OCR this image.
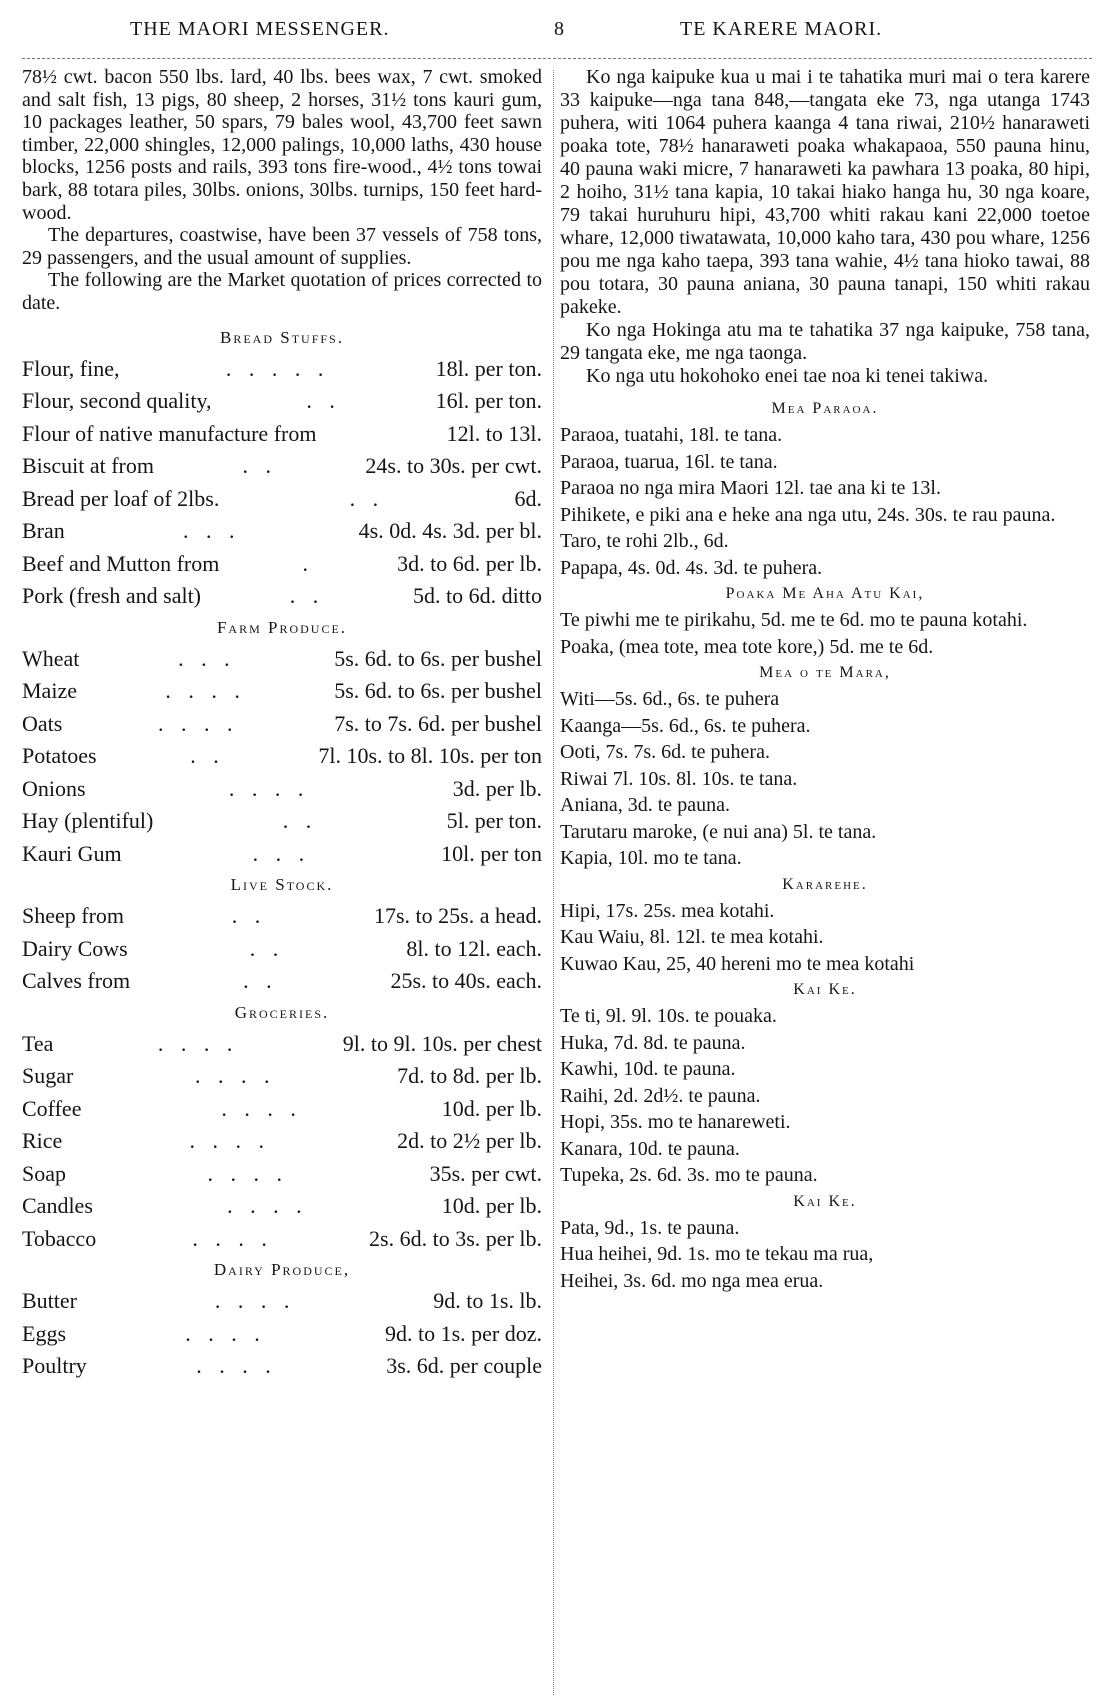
THE MAORI MESSENGER.	8	TE KARERE MAORI.

78½ cwt. bacon 550 lbs. lard, 40 lbs. bees wax, 7 cwt. smoked and salt fish, 13 pigs, 80 sheep, 2 horses, 31½ tons kauri gum, 10 packages leather, 50 spars, 79 bales wool, 43,700 feet sawn timber, 22,000 shingles, 12,000 palings, 10,000 laths, 430 house blocks, 1256 posts and rails, 393 tons fire-wood., 4½ tons towai bark, 88 totara piles, 30lbs. onions, 30lbs. turnips, 150 feet hard-wood.

The departures, coastwise, have been 37 vessels of 758 tons, 29 passengers, and the usual amount of supplies.

The following are the Market quotation of prices corrected to date.

Bread Stuffs.

Flour, fine,	. . . . .	18l. per ton.
Flour, second quality,	. .	16l. per ton.
Flour of native manufacture from	12l. to 13l.
Biscuit at from	. .	24s. to 30s. per cwt.
Bread per loaf of 2lbs.	. .	6d.
Bran	. . .	4s. 0d. 4s. 3d. per bl.
Beef and Mutton from	.	3d. to 6d. per lb.
Pork (fresh and salt)	. .	5d. to 6d. ditto

Farm Produce.

Wheat	. . .	5s. 6d. to 6s. per bushel
Maize	. . . .	5s. 6d. to 6s. per bushel
Oats	. . . .	7s. to 7s. 6d. per bushel
Potatoes	. .	7l. 10s. to 8l. 10s. per ton
Onions	. . . .	3d. per lb.
Hay (plentiful)	. .	5l. per ton.
Kauri Gum	. . .	10l. per ton

Live Stock.

Sheep from	. .	17s. to 25s. a head.
Dairy Cows	. .	8l. to 12l. each.
Calves from	. .	25s. to 40s. each.

Groceries.

Tea	. . . .	9l. to 9l. 10s. per chest
Sugar	. . . .	7d. to 8d. per lb.
Coffee	. . . .	10d. per lb.
Rice	. . . .	2d. to 2½ per lb.
Soap	. . . .	35s. per cwt.
Candles	. . . .	10d. per lb.
Tobacco	. . . .	2s. 6d. to 3s. per lb.

Dairy Produce,

Butter	. . . .	9d. to 1s. lb.
Eggs	. . . .	9d. to 1s. per doz.
Poultry	. . . .	3s. 6d. per couple

Ko nga kaipuke kua u mai i te tahatika muri mai o tera karere 33 kaipuke—nga tana 848,—tangata eke 73, nga utanga 1743 puhera, witi 1064 puhera kaanga 4 tana riwai, 210½ hanaraweti poaka tote, 78½ hanaraweti poaka whakapaoa, 550 pauna hinu, 40 pauna waki micre, 7 hanaraweti ka pawhara 13 poaka, 80 hipi, 2 hoiho, 31½ tana kapia, 10 takai hiako hanga hu, 30 nga koare, 79 takai huruhuru hipi, 43,700 whiti rakau kani 22,000 toetoe whare, 12,000 tiwatawata, 10,000 kaho tara, 430 pou whare, 1256 pou me nga kaho taepa, 393 tana wahie, 4½ tana hioko tawai, 88 pou totara, 30 pauna aniana, 30 pauna tanapi, 150 whiti rakau pakeke.

Ko nga Hokinga atu ma te tahatika 37 nga kaipuke, 758 tana, 29 tangata eke, me nga taonga.

Ko nga utu hokohoko enei tae noa ki tenei takiwa.

Mea Paraoa.

Paraoa, tuatahi, 18l. te tana.

Paraoa, tuarua, 16l. te tana.

Paraoa no nga mira Maori 12l. tae ana ki te 13l.

Pihikete, e piki ana e heke ana nga utu, 24s. 30s. te rau pauna.

Taro, te rohi 2lb., 6d.

Papapa, 4s. 0d. 4s. 3d. te puhera.

Poaka Me Aha Atu Kai,

Te piwhi me te pirikahu, 5d. me te 6d. mo te pauna kotahi.

Poaka, (mea tote, mea tote kore,) 5d. me te 6d.

Mea o te Mara,

Witi—5s. 6d., 6s. te puhera

Kaanga—5s. 6d., 6s. te puhera.

Ooti, 7s. 7s. 6d. te puhera.

Riwai 7l. 10s. 8l. 10s. te tana.

Aniana, 3d. te pauna.

Tarutaru maroke, (e nui ana) 5l. te tana.

Kapia, 10l. mo te tana.

Kararehe.

Hipi, 17s. 25s. mea kotahi.

Kau Waiu, 8l. 12l. te mea kotahi.

Kuwao Kau, 25, 40 hereni mo te mea kotahi

Kai Ke.

Te ti, 9l. 9l. 10s. te pouaka.

Huka, 7d. 8d. te pauna.

Kawhi, 10d. te pauna.

Raihi, 2d. 2d½. te pauna.

Hopi, 35s. mo te hanareweti.

Kanara, 10d. te pauna.

Tupeka, 2s. 6d. 3s. mo te pauna.

Kai Ke.

Pata, 9d., 1s. te pauna.

Hua heihei, 9d. 1s. mo te tekau ma rua,

Heihei, 3s. 6d. mo nga mea erua.
